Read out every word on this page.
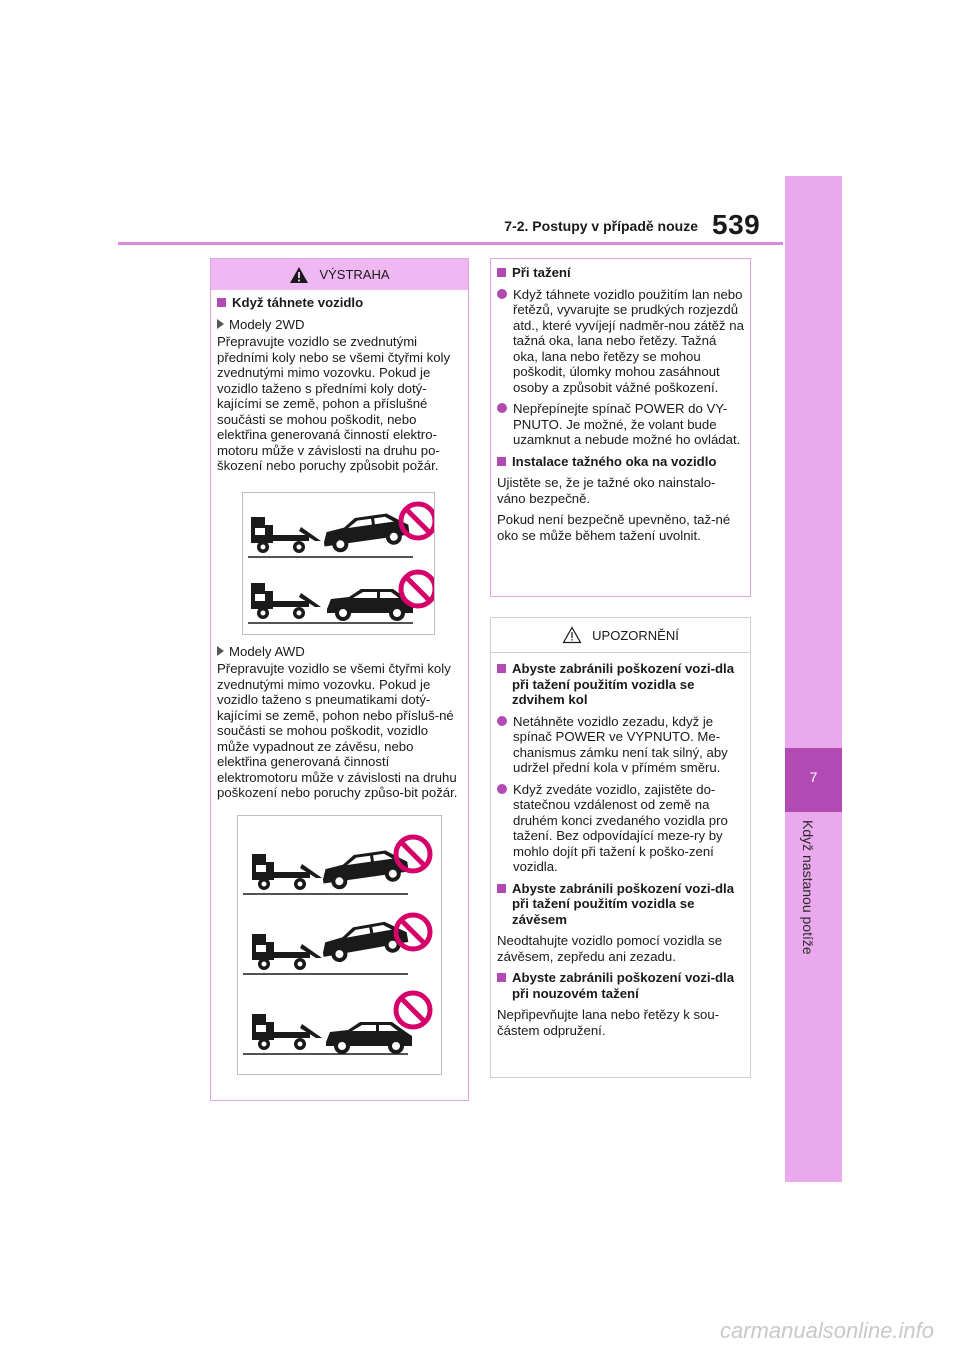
7-2. Postupy v případě nouze 539
7
Když nastanou potíže
VÝSTRAHA
Když táhnete vozidlo
Modely 2WD

Přepravujte vozidlo se zvednutými předními koly nebo se všemi čtyřmi koly zvednutými mimo vozovku. Pokud je vozidlo taženo s předními koly dotý-kajícími se země, pohon a příslušné součásti se mohou poškodit, nebo elektřina generovaná činností elektro-motoru může v závislosti na druhu po-škození nebo poruchy způsobit požár.

Modely AWD

Přepravujte vozidlo se všemi čtyřmi koly zvednutými mimo vozovku. Pokud je vozidlo taženo s pneumatikami dotý-kajícími se země, pohon nebo přísluš-né součásti se mohou poškodit, vozidlo může vypadnout ze závěsu, nebo elektřina generovaná činností elektromotoru může v závislosti na druhu poškození nebo poruchy způso-bit požár.

Při tažení
Když táhnete vozidlo použitím lan nebo řetězů, vyvarujte se prudkých rozjezdů atd., které vyvíjejí nadměr-nou zátěž na tažná oka, lana nebo řetězy. Tažná oka, lana nebo řetězy se mohou poškodit, úlomky mohou zasáhnout osoby a způsobit vážné poškození.
Nepřepínejte spínač POWER do VY-PNUTO. Je možné, že volant bude uzamknut a nebude možné ho ovládat.
Instalace tažného oka na vozidlo

Ujistěte se, že je tažné oko nainstalo-váno bezpečně.

Pokud není bezpečně upevněno, taž-né oko se může během tažení uvolnit.

UPOZORNĚNÍ
Abyste zabránili poškození vozi-dla při tažení použitím vozidla se zdvihem kol
Netáhněte vozidlo zezadu, když je spínač POWER ve VYPNUTO. Me-chanismus zámku není tak silný, aby udržel přední kola v přímém směru.
Když zvedáte vozidlo, zajistěte do-statečnou vzdálenost od země na druhém konci zvedaného vozidla pro tažení. Bez odpovídající meze-ry by mohlo dojít při tažení k poško-zení vozidla.
Abyste zabránili poškození vozi-dla při tažení použitím vozidla se závěsem

Neodtahujte vozidlo pomocí vozidla se závěsem, zepředu ani zezadu.

Abyste zabránili poškození vozi-dla při nouzovém tažení

Nepřipevňujte lana nebo řetězy k sou-částem odpružení.

carmanualsonline.info
